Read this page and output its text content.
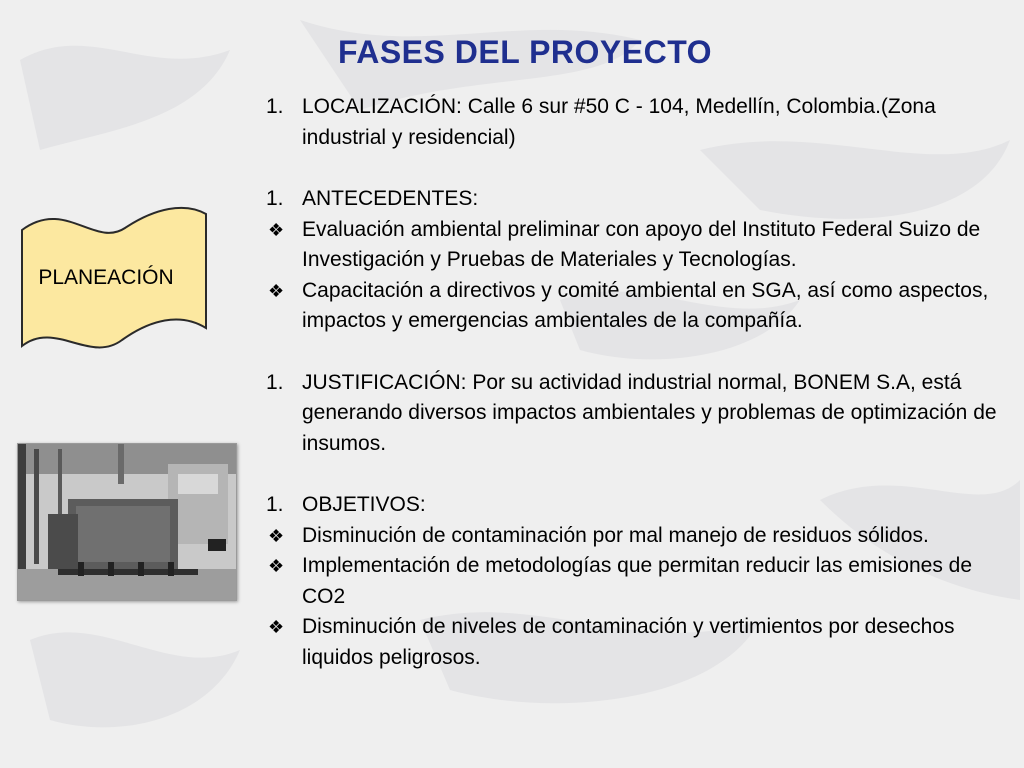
FASES DEL PROYECTO
PLANEACIÓN
1. LOCALIZACIÓN: Calle 6 sur #50 C - 104, Medellín, Colombia.(Zona industrial y residencial)
1. ANTECEDENTES:
❖ Evaluación ambiental preliminar con apoyo del Instituto Federal Suizo de Investigación y Pruebas de Materiales y Tecnologías.
❖ Capacitación a directivos y comité ambiental en SGA, así como aspectos, impactos y emergencias ambientales de la compañía.
1. JUSTIFICACIÓN: Por su actividad industrial normal, BONEM S.A, está generando diversos impactos ambientales y problemas de optimización de insumos.
1. OBJETIVOS:
❖ Disminución de contaminación por mal manejo de residuos sólidos.
❖ Implementación de metodologías que permitan reducir las emisiones de CO2
❖ Disminución de niveles de contaminación y vertimientos por desechos liquidos peligrosos.
